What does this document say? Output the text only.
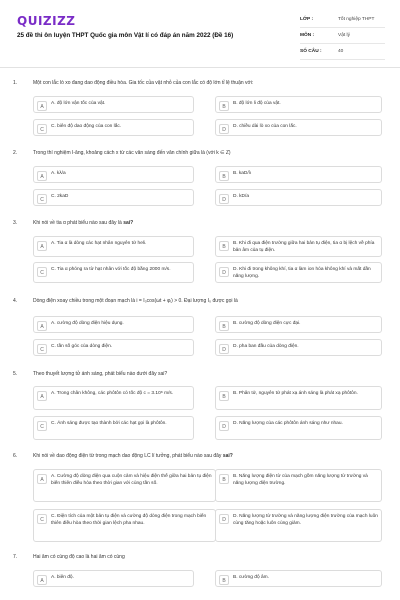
QUIZIZZ
25 đề thi ôn luyện THPT Quốc gia môn Vật lí có đáp án năm 2022 (Đề 16)
LỚP :	Tốt nghiệp THPT
MÔN :	Vật lý
SỐ CÂU :	40
1.	Một con lắc lò xo đang dao động điều hòa. Gia tốc của vật nhỏ của con lắc có độ lớn tỉ lệ thuận với:
A
A. độ lớn vận tốc của vật.
B
B. độ lớn li độ của vật.
C
C. biên độ dao động của con lắc.
D
D. chiều dài lò xo của con lắc.
2.	Trong thí nghiệm I-âng, khoảng cách x từ các vân sáng đến vân chính giữa là (với k ∈ Z)
A
A. kλ/a
B
B. kaD/λ
C
C. 2kaD
D
D. kD/a
3.	Khi nói về tia α phát biểu nào sau đây là sai?
A
A. Tia α là dòng các hạt nhân nguyên tử heli.
B
B. Khi đi qua điện trường giữa hai bản tụ điện, tia α bị lệch về phía bản âm của tụ điện.
C
C. Tia α phóng ra từ hạt nhân với tốc độ bằng 2000 m/s.
D
D. Khi đi trong không khí, tia α làm ion hóa không khí và mất dần năng lượng.
4.	Dòng điện xoay chiều trong một đoạn mạch là i = I₀cos(ωt + φᵢ) > 0. Đại lượng I₀ được gọi là
A
A. cường độ dòng điện hiệu dụng.
B
B. cường độ dòng điện cực đại.
C
C. tần số góc của dòng điện.
D
D. pha ban đầu của dòng điện.
5.	Theo thuyết lượng tử ánh sáng, phát biểu nào dưới đây sai?
A
A. Trong chân không, các phôtôn có tốc độ c = 3.10⁸ m/s.
B
B. Phân tử, nguyên tử phát xạ ánh sáng là phát xạ phôtôn.
C
C. Ánh sáng được tạo thành bởi các hạt gọi là phôtôn.
D
D. Năng lượng của các phôtôn ánh sáng như nhau.
6.	Khi nói về dao động điện từ trong mạch dao động LC lí tưởng, phát biểu nào sau đây sai?
A
A. Cường độ dòng điện qua cuộn cảm và hiệu điện thế giữa hai bản tụ điện biến thiên điều hòa theo thời gian với cùng tần số.
B
B. Năng lượng điện từ của mạch gồm năng lượng từ trường và năng lượng điện trường.
C
C. Điện tích của một bản tụ điện và cường độ dòng điện trong mạch biến thiên điều hòa theo thời gian lệch pha nhau.
D
D. Năng lượng từ trường và năng lượng điện trường của mạch luôn cùng tăng hoặc luôn cùng giảm.
7.	Hai âm có cùng độ cao là hai âm có cùng
A
A. biên độ.
B
B. cường độ âm.
